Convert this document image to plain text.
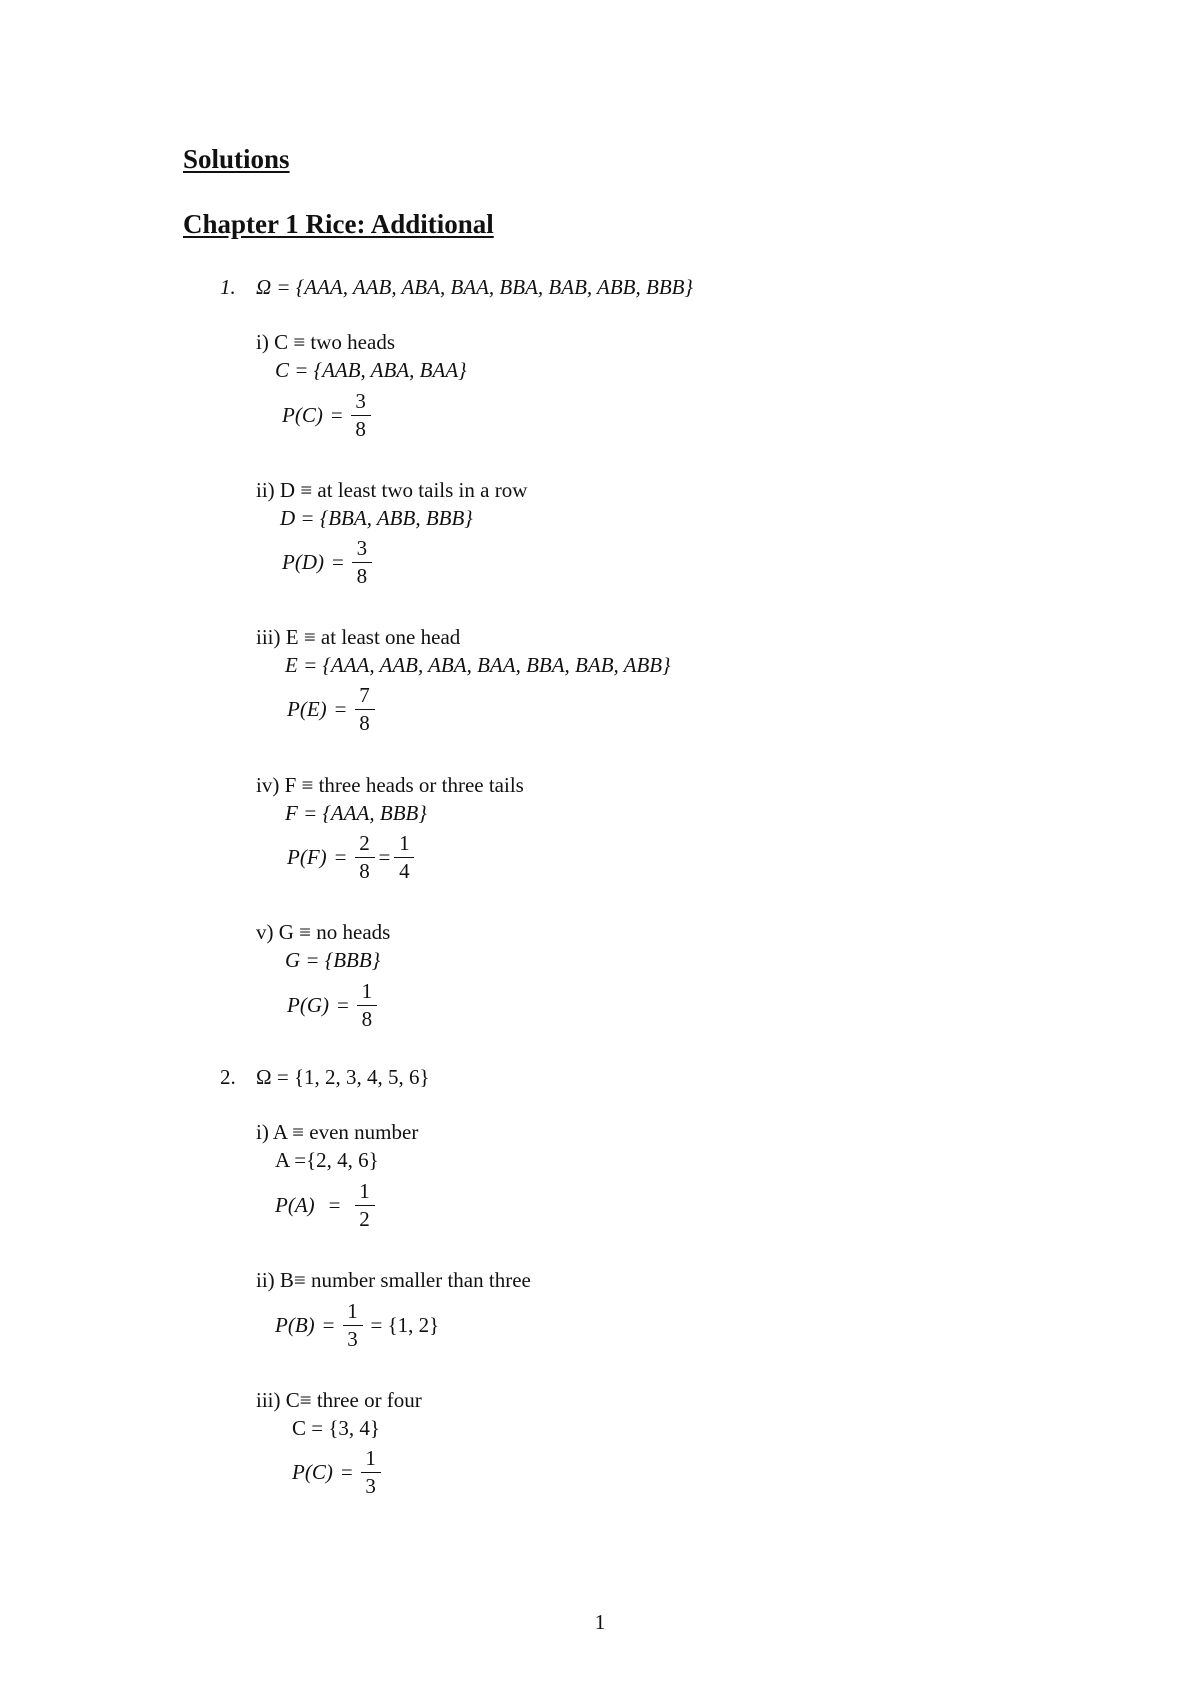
Solutions
Chapter 1 Rice: Additional
1. Ω = {AAA, AAB, ABA, BAA, BBA, BAB, ABB, BBB}
i) C ≡ two heads
C = {AAB, ABA, BAA}
$P(C) = \frac{3}{8}$
ii) D ≡ at least two tails in a row
D = {BBA, ABB, BBB}
$P(D) = \frac{3}{8}$
iii) E ≡ at least one head
E = {AAA, AAB, ABA, BAA, BBA, BAB, ABB}
$P(E) = \frac{7}{8}$
iv) F ≡ three heads or three tails
F = {AAA, BBB}
$P(F) = \frac{2}{8} = \frac{1}{4}$
v) G ≡ no heads
G = {BBB}
$P(G) = \frac{1}{8}$
2. Ω = {1, 2, 3, 4, 5, 6}
i) A ≡ even number
A ={2, 4, 6}
$P(A) = \frac{1}{2}$
ii) B≡ number smaller than three
$P(B) = \frac{1}{3} = \{1$, 2}
iii) C≡ three or four
C = {3, 4}
$P(C) = \frac{1}{3}$
1
